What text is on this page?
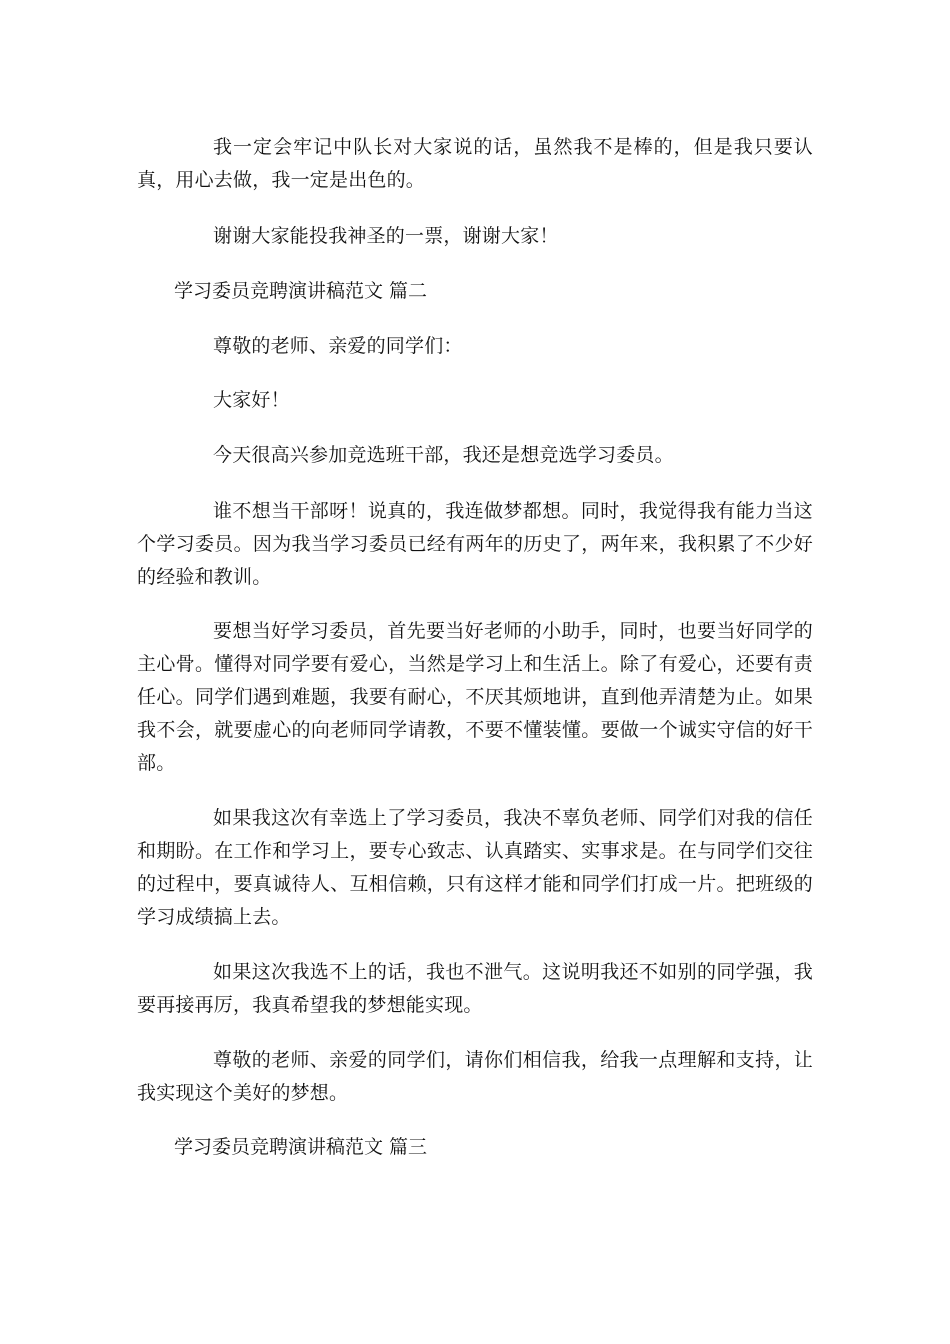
我一定会牢记中队长对大家说的话，虽然我不是棒的，但是我只要认真，用心去做，我一定是出色的。

谢谢大家能投我神圣的一票，谢谢大家！

学习委员竞聘演讲稿范文 篇二

尊敬的老师、亲爱的同学们：

大家好！

今天很高兴参加竞选班干部，我还是想竞选学习委员。

谁不想当干部呀！说真的，我连做梦都想。同时，我觉得我有能力当这个学习委员。因为我当学习委员已经有两年的历史了，两年来，我积累了不少好的经验和教训。

要想当好学习委员，首先要当好老师的小助手，同时，也要当好同学的主心骨。懂得对同学要有爱心，当然是学习上和生活上。除了有爱心，还要有责任心。同学们遇到难题，我要有耐心，不厌其烦地讲，直到他弄清楚为止。如果我不会，就要虚心的向老师同学请教，不要不懂装懂。要做一个诚实守信的好干部。

如果我这次有幸选上了学习委员，我决不辜负老师、同学们对我的信任和期盼。在工作和学习上，要专心致志、认真踏实、实事求是。在与同学们交往的过程中，要真诚待人、互相信赖，只有这样才能和同学们打成一片。把班级的学习成绩搞上去。

如果这次我选不上的话，我也不泄气。这说明我还不如别的同学强，我要再接再厉，我真希望我的梦想能实现。

尊敬的老师、亲爱的同学们，请你们相信我，给我一点理解和支持，让我实现这个美好的梦想。

学习委员竞聘演讲稿范文 篇三
